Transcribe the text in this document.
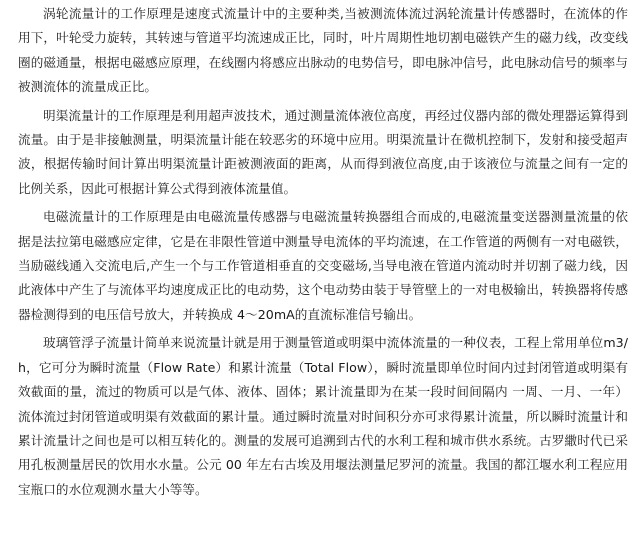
涡轮流量计的工作原理是速度式流量计中的主要种类,当被测流体流过涡轮流量计传感器时，在流体的作用下，叶轮受力旋转，其转速与管道平均流速成正比，同时，叶片周期性地切割电磁铁产生的磁力线，改变线圈的磁通量，根据电磁感应原理，在线圈内将感应出脉动的电势信号，即电脉冲信号，此电脉动信号的频率与被测流体的流量成正比。

明渠流量计的工作原理是利用超声波技术，通过测量流体液位高度，再经过仪器内部的微处理器运算得到流量。由于是非接触测量，明渠流量计能在较恶劣的环境中应用。明渠流量计在微机控制下，发射和接受超声波，根据传输时间计算出明渠流量计距被测液面的距离，从而得到液位高度,由于该液位与流量之间有一定的比例关系，因此可根据计算公式得到液体流量值。

电磁流量计的工作原理是由电磁流量传感器与电磁流量转换器组合而成的,电磁流量变送器测量流量的依据是法拉第电磁感应定律，它是在非限性管道中测量导电流体的平均流速，在工作管道的两侧有一对电磁铁，当励磁线通入交流电后,产生一个与工作管道相垂直的交变磁场,当导电液在管道内流动时并切割了磁力线，因此液体中产生了与流体平均速度成正比的电动势，这个电动势由装于导管壁上的一对电极输出，转换器将传感器检测得到的电压信号放大，并转换成 4～20mA的直流标准信号输出。

玻璃管浮子流量计简单来说流量计就是用于测量管道或明渠中流体流量的一种仪表，工程上常用单位m3/h，它可分为瞬时流量（Flow Rate）和累计流量（Total Flow），瞬时流量即单位时间内过封闭管道或明渠有效截面的量，流过的物质可以是气体、液体、固体；累计流量即为在某一段时间间隔内 一周、一月、一年）流体流过封闭管道或明渠有效截面的累计量。通过瞬时流量对时间积分亦可求得累计流量，所以瞬时流量计和累计流量计之间也是可以相互转化的。测量的发展可追溯到古代的水利工程和城市供水系统。古罗繖时代已采用孔板测量居民的饮用水水量。公元 00 年左右古埃及用堰法测量尼罗河的流量。我国的都江堰水利工程应用宝瓶口的水位观测水量大小等等。
